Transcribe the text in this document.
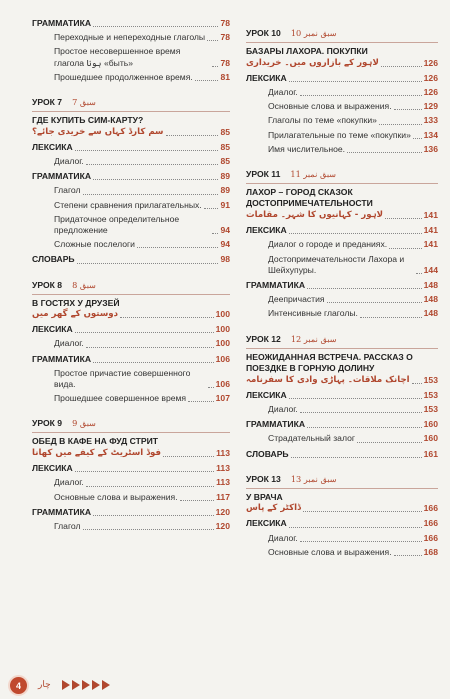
ГРАММАТИКА	78
Переходные и непереходные глаголы 78
Простое несовершенное время глагола ہونا «быть»	78
Прошедшее продолженное время.	81
УРОК 7 سبق 7
ГДЕ КУПИТЬ СИМ-КАРТУ?
سم کارڈ کہاں سے خریدی جائے؟	85
ЛЕКСИКА	85
Диалог.	85
ГРАММАТИКА	89
Глагол	89
Степени сравнения прилагательных. 91
Придаточное определительное предложение	94
Сложные послелоги	94
СЛОВАРЬ	98
УРОК 8 سبق 8
В ГОСТЯХ У ДРУЗЕЙ
دوستوں کے گھر میں	100
ЛЕКСИКА	100
Диалог.	100
ГРАММАТИКА	106
Простое причастие совершенного вида.	106
Прошедшее совершенное время	107
УРОК 9 سبق 9
ОБЕД В КАФЕ НА ФУД СТРИТ
فوڈ اسٹریٹ کے کیفے میں کھانا	113
ЛЕКСИКА	113
Диалог.	113
Основные слова и выражения.	117
ГРАММАТИКА	120
Глагол	120
УРОК 10 سبق نمبر 10
БАЗАРЫ ЛАХОРА. ПОКУПКИ
لاہور کے بازاروں میں۔ خریداری	126
ЛЕКСИКА	126
Диалог.	126
Основные слова и выражения.	129
Глаголы по теме «покупки»	133
Прилагательные по теме «покупки» 134
Имя числительное.	136
УРОК 11 سبق نمبر 11
ЛАХОР – ГОРОД СКАЗОК ДОСТОПРИМЕЧАТЕЛЬНОСТИ
لاہور - کہانیوں کا شہر۔ مقامات	141
ЛЕКСИКА	141
Диалог о городе и преданиях.	141
Достопримечательности Лахора и Шейхупуры.	144
ГРАММАТИКА	148
Деепричастия	148
Интенсивные глаголы.	148
УРОК 12 سبق نمبر 12
НЕОЖИДАННАЯ ВСТРЕЧА. РАССКАЗ О ПОЕЗДКЕ В ГОРНУЮ ДОЛИНУ
اچانک ملاقات۔ پہاڑی وادی کا سفرنامہ 153
ЛЕКСИКА	153
Диалог.	153
ГРАММАТИКА	160
Страдательный залог	160
СЛОВАРЬ	161
УРОК 13 سبق نمبر 13
У ВРАЧА
ڈاکٹر کے پاس	166
ЛЕКСИКА	166
Диалог.	166
Основные слова и выражения.	168
4	چار
